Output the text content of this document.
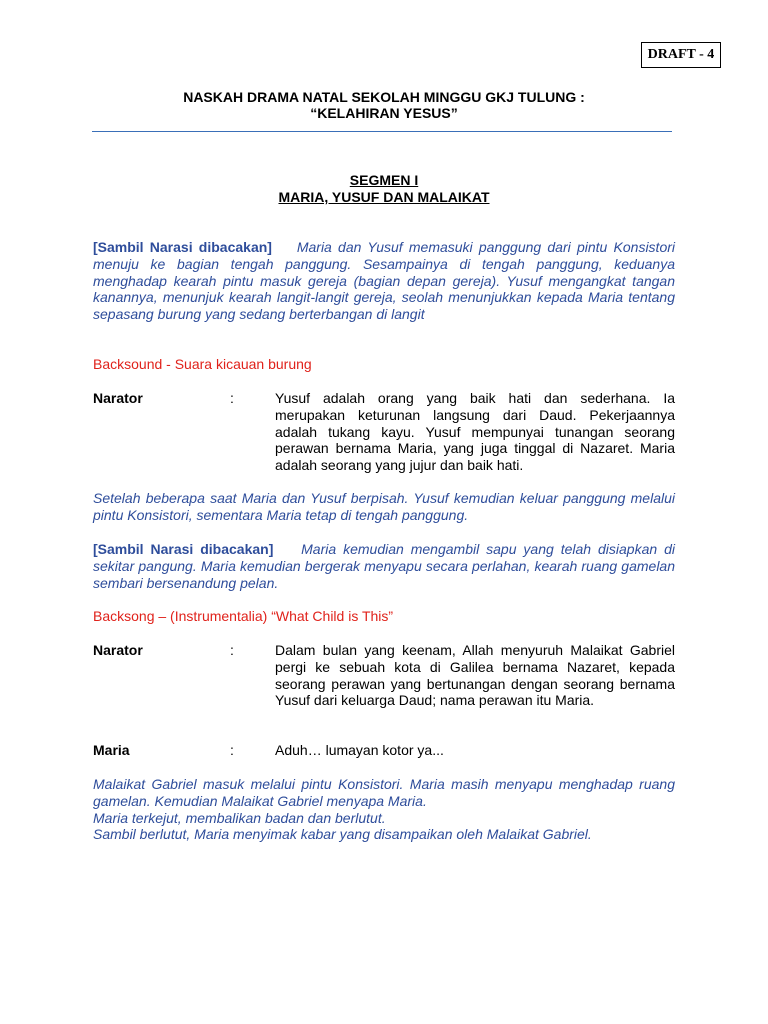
DRAFT - 4
NASKAH DRAMA NATAL SEKOLAH MINGGU GKJ TULUNG :
“KELAHIRAN YESUS”
SEGMEN I
MARIA, YUSUF DAN MALAIKAT
[Sambil Narasi dibacakan] Maria dan Yusuf memasuki panggung dari pintu Konsistori menuju ke bagian tengah panggung. Sesampainya di tengah panggung, keduanya menghadap kearah pintu masuk gereja (bagian depan gereja). Yusuf mengangkat tangan kanannya, menunjuk kearah langit-langit gereja, seolah menunjukkan kepada Maria tentang sepasang burung yang sedang berterbangan di langit
Backsound - Suara kicauan burung
Narator	:	Yusuf adalah orang yang baik hati dan sederhana. Ia merupakan keturunan langsung dari Daud. Pekerjaannya adalah tukang kayu. Yusuf mempunyai tunangan seorang perawan bernama Maria, yang juga tinggal di Nazaret. Maria adalah seorang yang jujur dan baik hati.
Setelah beberapa saat Maria dan Yusuf berpisah. Yusuf kemudian keluar panggung melalui pintu Konsistori, sementara Maria tetap di tengah panggung.
[Sambil Narasi dibacakan] Maria kemudian mengambil sapu yang telah disiapkan di sekitar pangung. Maria kemudian bergerak menyapu secara perlahan, kearah ruang gamelan sembari bersenandung pelan.
Backsong – (Instrumentalia) “What Child is This”
Narator	:	Dalam bulan yang keenam, Allah menyuruh Malaikat Gabriel pergi ke sebuah kota di Galilea bernama Nazaret, kepada seorang perawan yang bertunangan dengan seorang bernama Yusuf dari keluarga Daud; nama perawan itu Maria.
Maria	:	Aduh… lumayan kotor ya...
Malaikat Gabriel masuk melalui pintu Konsistori. Maria masih menyapu menghadap ruang gamelan. Kemudian Malaikat Gabriel menyapa Maria.
Maria terkejut, membalikan badan dan berlutut.
Sambil berlutut, Maria menyimak kabar yang disampaikan oleh Malaikat Gabriel.
